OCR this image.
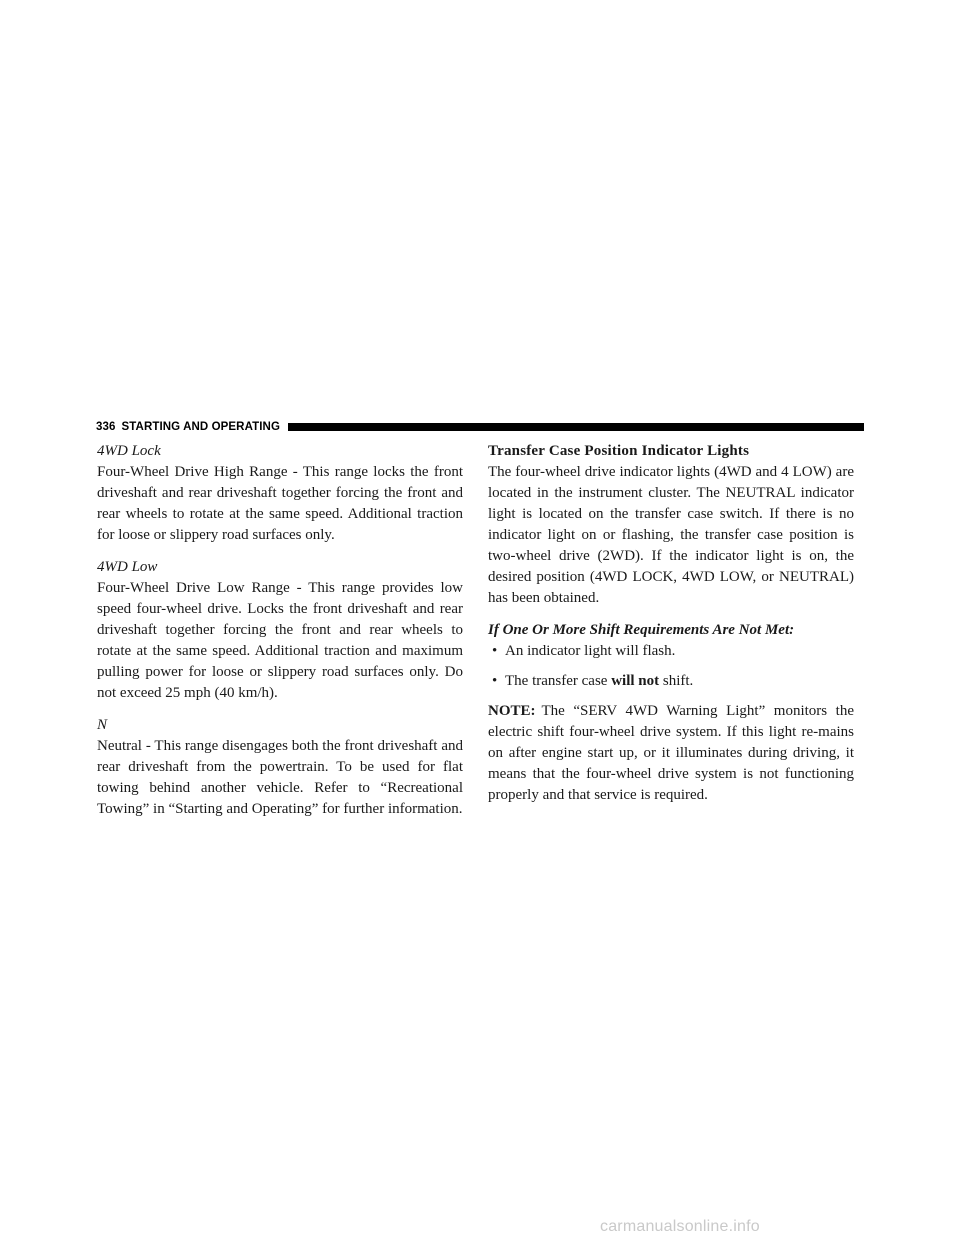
336 STARTING AND OPERATING

4WD Lock

Four-Wheel Drive High Range - This range locks the front driveshaft and rear driveshaft together forcing the front and rear wheels to rotate at the same speed. Additional traction for loose or slippery road surfaces only.

4WD Low

Four-Wheel Drive Low Range - This range provides low speed four-wheel drive. Locks the front driveshaft and rear driveshaft together forcing the front and rear wheels to rotate at the same speed. Additional traction and maximum pulling power for loose or slippery road surfaces only. Do not exceed 25 mph (40 km/h).

N

Neutral - This range disengages both the front driveshaft and rear driveshaft from the powertrain. To be used for flat towing behind another vehicle. Refer to “Recreational Towing” in “Starting and Operating” for further information.

Transfer Case Position Indicator Lights

The four-wheel drive indicator lights (4WD and 4 LOW) are located in the instrument cluster. The NEUTRAL indicator light is located on the transfer case switch. If there is no indicator light on or flashing, the transfer case position is two-wheel drive (2WD). If the indicator light is on, the desired position (4WD LOCK, 4WD LOW, or NEUTRAL) has been obtained.

If One Or More Shift Requirements Are Not Met:

• An indicator light will flash.
• The transfer case will not shift.

NOTE: The “SERV 4WD Warning Light” monitors the electric shift four-wheel drive system. If this light re-mains on after engine start up, or it illuminates during driving, it means that the four-wheel drive system is not functioning properly and that service is required.

carmanualsonline.info
